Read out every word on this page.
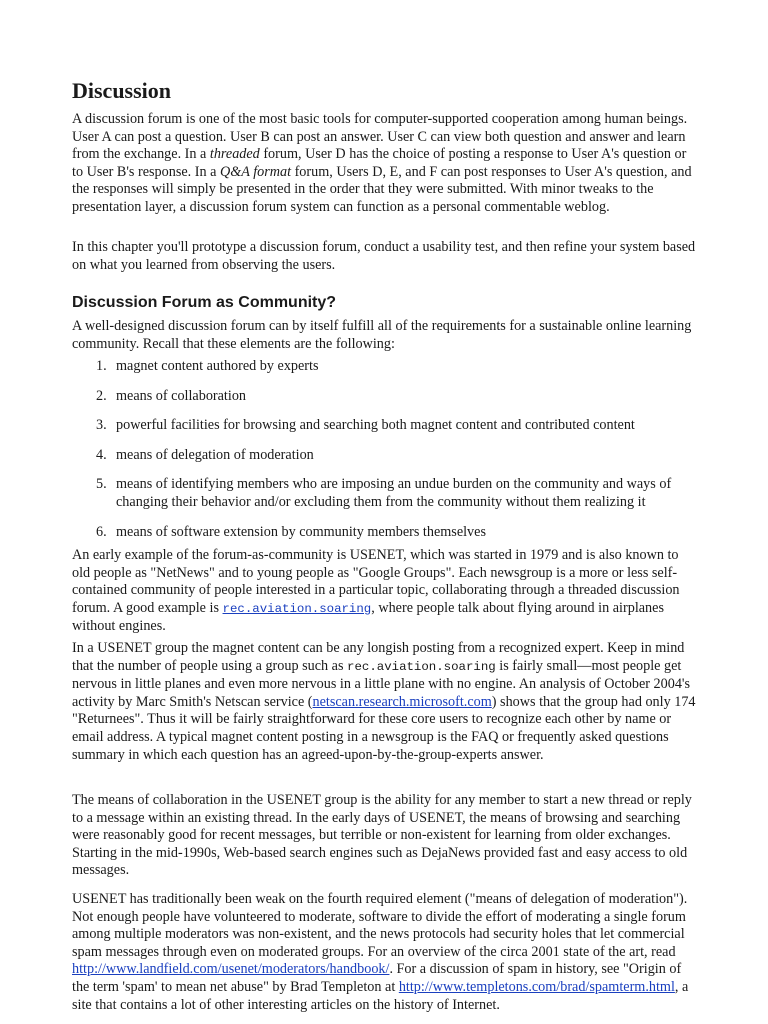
Discussion

A discussion forum is one of the most basic tools for computer-supported cooperation among human beings. User A can post a question. User B can post an answer. User C can view both question and answer and learn from the exchange. In a threaded forum, User D has the choice of posting a response to User A's question or to User B's response. In a Q&A format forum, Users D, E, and F can post responses to User A's question, and the responses will simply be presented in the order that they were submitted. With minor tweaks to the presentation layer, a discussion forum system can function as a personal commentable weblog.

In this chapter you'll prototype a discussion forum, conduct a usability test, and then refine your system based on what you learned from observing the users.

Discussion Forum as Community?

A well-designed discussion forum can by itself fulfill all of the requirements for a sustainable online learning community. Recall that these elements are the following:

1. magnet content authored by experts
2. means of collaboration
3. powerful facilities for browsing and searching both magnet content and contributed content
4. means of delegation of moderation
5. means of identifying members who are imposing an undue burden on the community and ways of changing their behavior and/or excluding them from the community without them realizing it
6. means of software extension by community members themselves

An early example of the forum-as-community is USENET, which was started in 1979 and is also known to old people as "NetNews" and to young people as "Google Groups". Each newsgroup is a more or less self-contained community of people interested in a particular topic, collaborating through a threaded discussion forum. A good example is rec.aviation.soaring, where people talk about flying around in airplanes without engines.

In a USENET group the magnet content can be any longish posting from a recognized expert. Keep in mind that the number of people using a group such as rec.aviation.soaring is fairly small—most people get nervous in little planes and even more nervous in a little plane with no engine. An analysis of October 2004's activity by Marc Smith's Netscan service (netscan.research.microsoft.com) shows that the group had only 174 "Returnees". Thus it will be fairly straightforward for these core users to recognize each other by name or email address. A typical magnet content posting in a newsgroup is the FAQ or frequently asked questions summary in which each question has an agreed-upon-by-the-group-experts answer.

The means of collaboration in the USENET group is the ability for any member to start a new thread or reply to a message within an existing thread. In the early days of USENET, the means of browsing and searching were reasonably good for recent messages, but terrible or non-existent for learning from older exchanges. Starting in the mid-1990s, Web-based search engines such as DejaNews provided fast and easy access to old messages.

USENET has traditionally been weak on the fourth required element ("means of delegation of moderation"). Not enough people have volunteered to moderate, software to divide the effort of moderating a single forum among multiple moderators was non-existent, and the news protocols had security holes that let commercial spam messages through even on moderated groups. For an overview of the circa 2001 state of the art, read http://www.landfield.com/usenet/moderators/handbook/. For a discussion of spam in history, see "Origin of the term 'spam' to mean net abuse" by Brad Templeton at http://www.templetons.com/brad/spamterm.html, a site that contains a lot of other interesting articles on the history of Internet.
